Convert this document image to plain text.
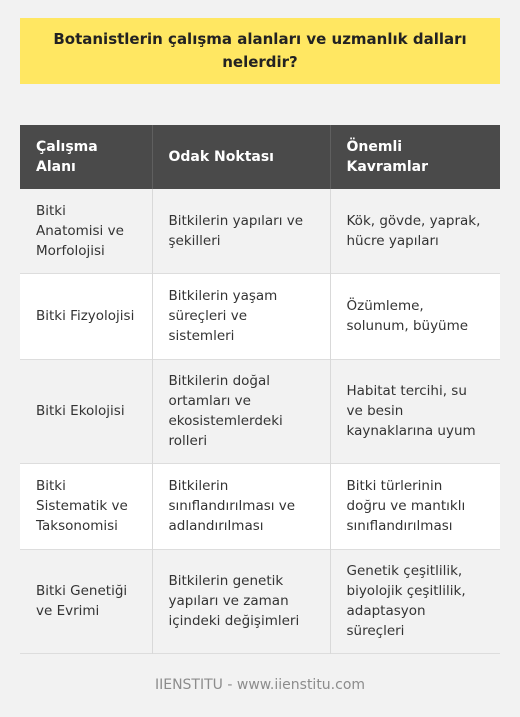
Botanistlerin çalışma alanları ve uzmanlık dalları nelerdir?
Çalışma Alanı	Odak Noktası	Önemli Kavramlar
Bitki Anatomisi ve Morfolojisi	Bitkilerin yapıları ve şekilleri	Kök, gövde, yaprak, hücre yapıları
Bitki Fizyolojisi	Bitkilerin yaşam süreçleri ve sistemleri	Özümleme, solunum, büyüme
Bitki Ekolojisi	Bitkilerin doğal ortamları ve ekosistemlerdeki rolleri	Habitat tercihi, su ve besin kaynaklarına uyum
Bitki Sistematik ve Taksonomisi	Bitkilerin sınıflandırılması ve adlandırılması	Bitki türlerinin doğru ve mantıklı sınıflandırılması
Bitki Genetiği ve Evrimi	Bitkilerin genetik yapıları ve zaman içindeki değişimleri	Genetik çeşitlilik, biyolojik çeşitlilik, adaptasyon süreçleri
IIENSTITU - www.iienstitu.com
